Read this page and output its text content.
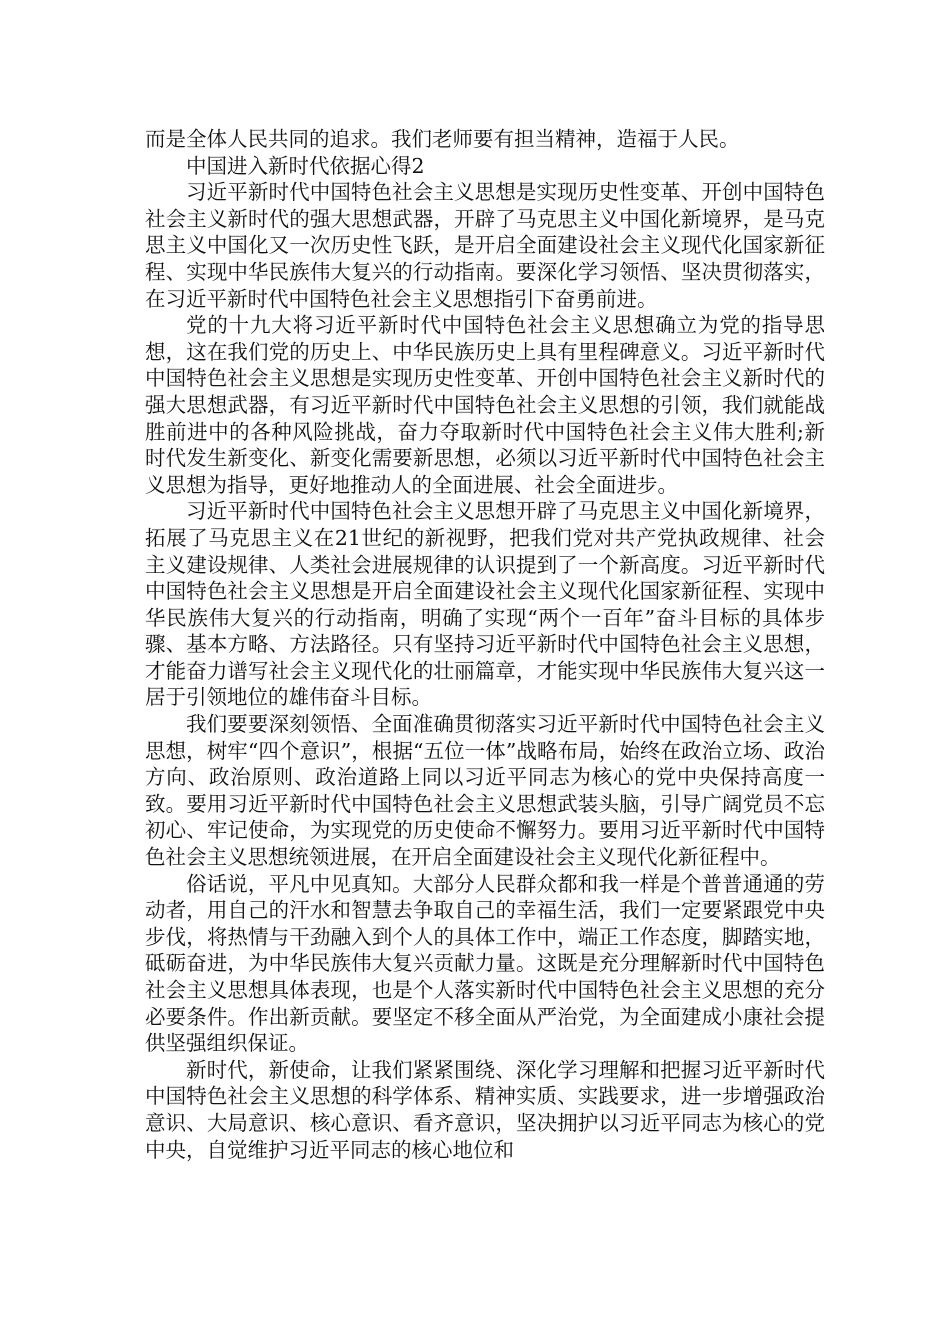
而是全体人民共同的追求。我们老师要有担当精神，造福于人民。

中国进入新时代依据心得2

习近平新时代中国特色社会主义思想是实现历史性变革、开创中国特色社会主义新时代的强大思想武器，开辟了马克思主义中国化新境界，是马克思主义中国化又一次历史性飞跃，是开启全面建设社会主义现代化国家新征程、实现中华民族伟大复兴的行动指南。要深化学习领悟、坚决贯彻落实，在习近平新时代中国特色社会主义思想指引下奋勇前进。

党的十九大将习近平新时代中国特色社会主义思想确立为党的指导思想，这在我们党的历史上、中华民族历史上具有里程碑意义。习近平新时代中国特色社会主义思想是实现历史性变革、开创中国特色社会主义新时代的强大思想武器，有习近平新时代中国特色社会主义思想的引领，我们就能战胜前进中的各种风险挑战，奋力夺取新时代中国特色社会主义伟大胜利;新时代发生新变化、新变化需要新思想，必须以习近平新时代中国特色社会主义思想为指导，更好地推动人的全面进展、社会全面进步。

习近平新时代中国特色社会主义思想开辟了马克思主义中国化新境界，拓展了马克思主义在21世纪的新视野，把我们党对共产党执政规律、社会主义建设规律、人类社会进展规律的认识提到了一个新高度。习近平新时代中国特色社会主义思想是开启全面建设社会主义现代化国家新征程、实现中华民族伟大复兴的行动指南，明确了实现“两个一百年”奋斗目标的具体步骤、基本方略、方法路径。只有坚持习近平新时代中国特色社会主义思想，才能奋力谱写社会主义现代化的壮丽篇章，才能实现中华民族伟大复兴这一居于引领地位的雄伟奋斗目标。

我们要要深刻领悟、全面准确贯彻落实习近平新时代中国特色社会主义思想，树牢“四个意识”，根据“五位一体”战略布局，始终在政治立场、政治方向、政治原则、政治道路上同以习近平同志为核心的党中央保持高度一致。要用习近平新时代中国特色社会主义思想武装头脑，引导广阔党员不忘初心、牢记使命，为实现党的历史使命不懈努力。要用习近平新时代中国特色社会主义思想统领进展，在开启全面建设社会主义现代化新征程中。

俗话说，平凡中见真知。大部分人民群众都和我一样是个普普通通的劳动者，用自己的汗水和智慧去争取自己的幸福生活，我们一定要紧跟党中央步伐，将热情与干劲融入到个人的具体工作中，端正工作态度，脚踏实地，砥砺奋进，为中华民族伟大复兴贡献力量。这既是充分理解新时代中国特色社会主义思想具体表现，也是个人落实新时代中国特色社会主义思想的充分必要条件。作出新贡献。要坚定不移全面从严治党，为全面建成小康社会提供坚强组织保证。

新时代，新使命，让我们紧紧围绕、深化学习理解和把握习近平新时代中国特色社会主义思想的科学体系、精神实质、实践要求，进一步增强政治意识、大局意识、核心意识、看齐意识，坚决拥护以习近平同志为核心的党中央，自觉维护习近平同志的核心地位和
